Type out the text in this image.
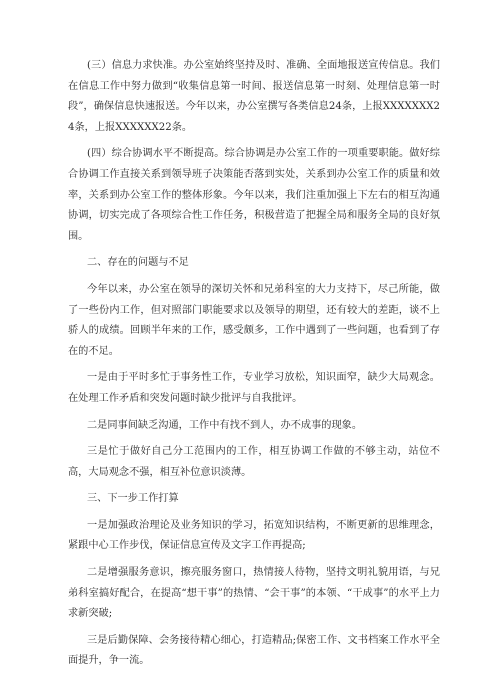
(三）信息力求快准。办公室始终坚持及时、准确、全面地报送宣传信息。我们在信息工作中努力做到“收集信息第一时间、报送信息第一时刻、处理信息第一时段”，确保信息快速报送。今年以来，办公室撰写各类信息24条，上报XXXXXXX24条，上报XXXXXX22条。

(四）综合协调水平不断提高。综合协调是办公室工作的一项重要职能。做好综合协调工作直接关系到领导班子决策能否落到实处，关系到办公室工作的质量和效率，关系到办公室工作的整体形象。今年以来，我们注重加强上下左右的相互沟通协调，切实完成了各项综合性工作任务，积极营造了把握全局和服务全局的良好氛围。

二、存在的问题与不足

今年以来，办公室在领导的深切关怀和兄弟科室的大力支持下，尽己所能，做了一些份内工作，但对照部门职能要求以及领导的期望，还有较大的差距，谈不上骄人的成绩。回顾半年来的工作，感受颇多，工作中遇到了一些问题，也看到了存在的不足。

一是由于平时多忙于事务性工作，专业学习放松，知识面窄，缺少大局观念。在处理工作矛盾和突发问题时缺少批评与自我批评。

二是同事间缺乏沟通，工作中有找不到人，办不成事的现象。

三是忙于做好自己分工范围内的工作，相互协调工作做的不够主动，站位不高，大局观念不强，相互补位意识淡薄。

三、下一步工作打算

一是加强政治理论及业务知识的学习，拓宽知识结构，不断更新的思维理念，紧跟中心工作步伐，保证信息宣传及文字工作再提高;

二是增强服务意识，擦亮服务窗口，热情接人待物，坚持文明礼貌用语，与兄弟科室搞好配合，在提高“想干事”的热情、“会干事”的本领、“干成事”的水平上力求新突破;

三是后勤保障、会务接待精心细心，打造精品;保密工作、文书档案工作水平全面提升，争一流。
